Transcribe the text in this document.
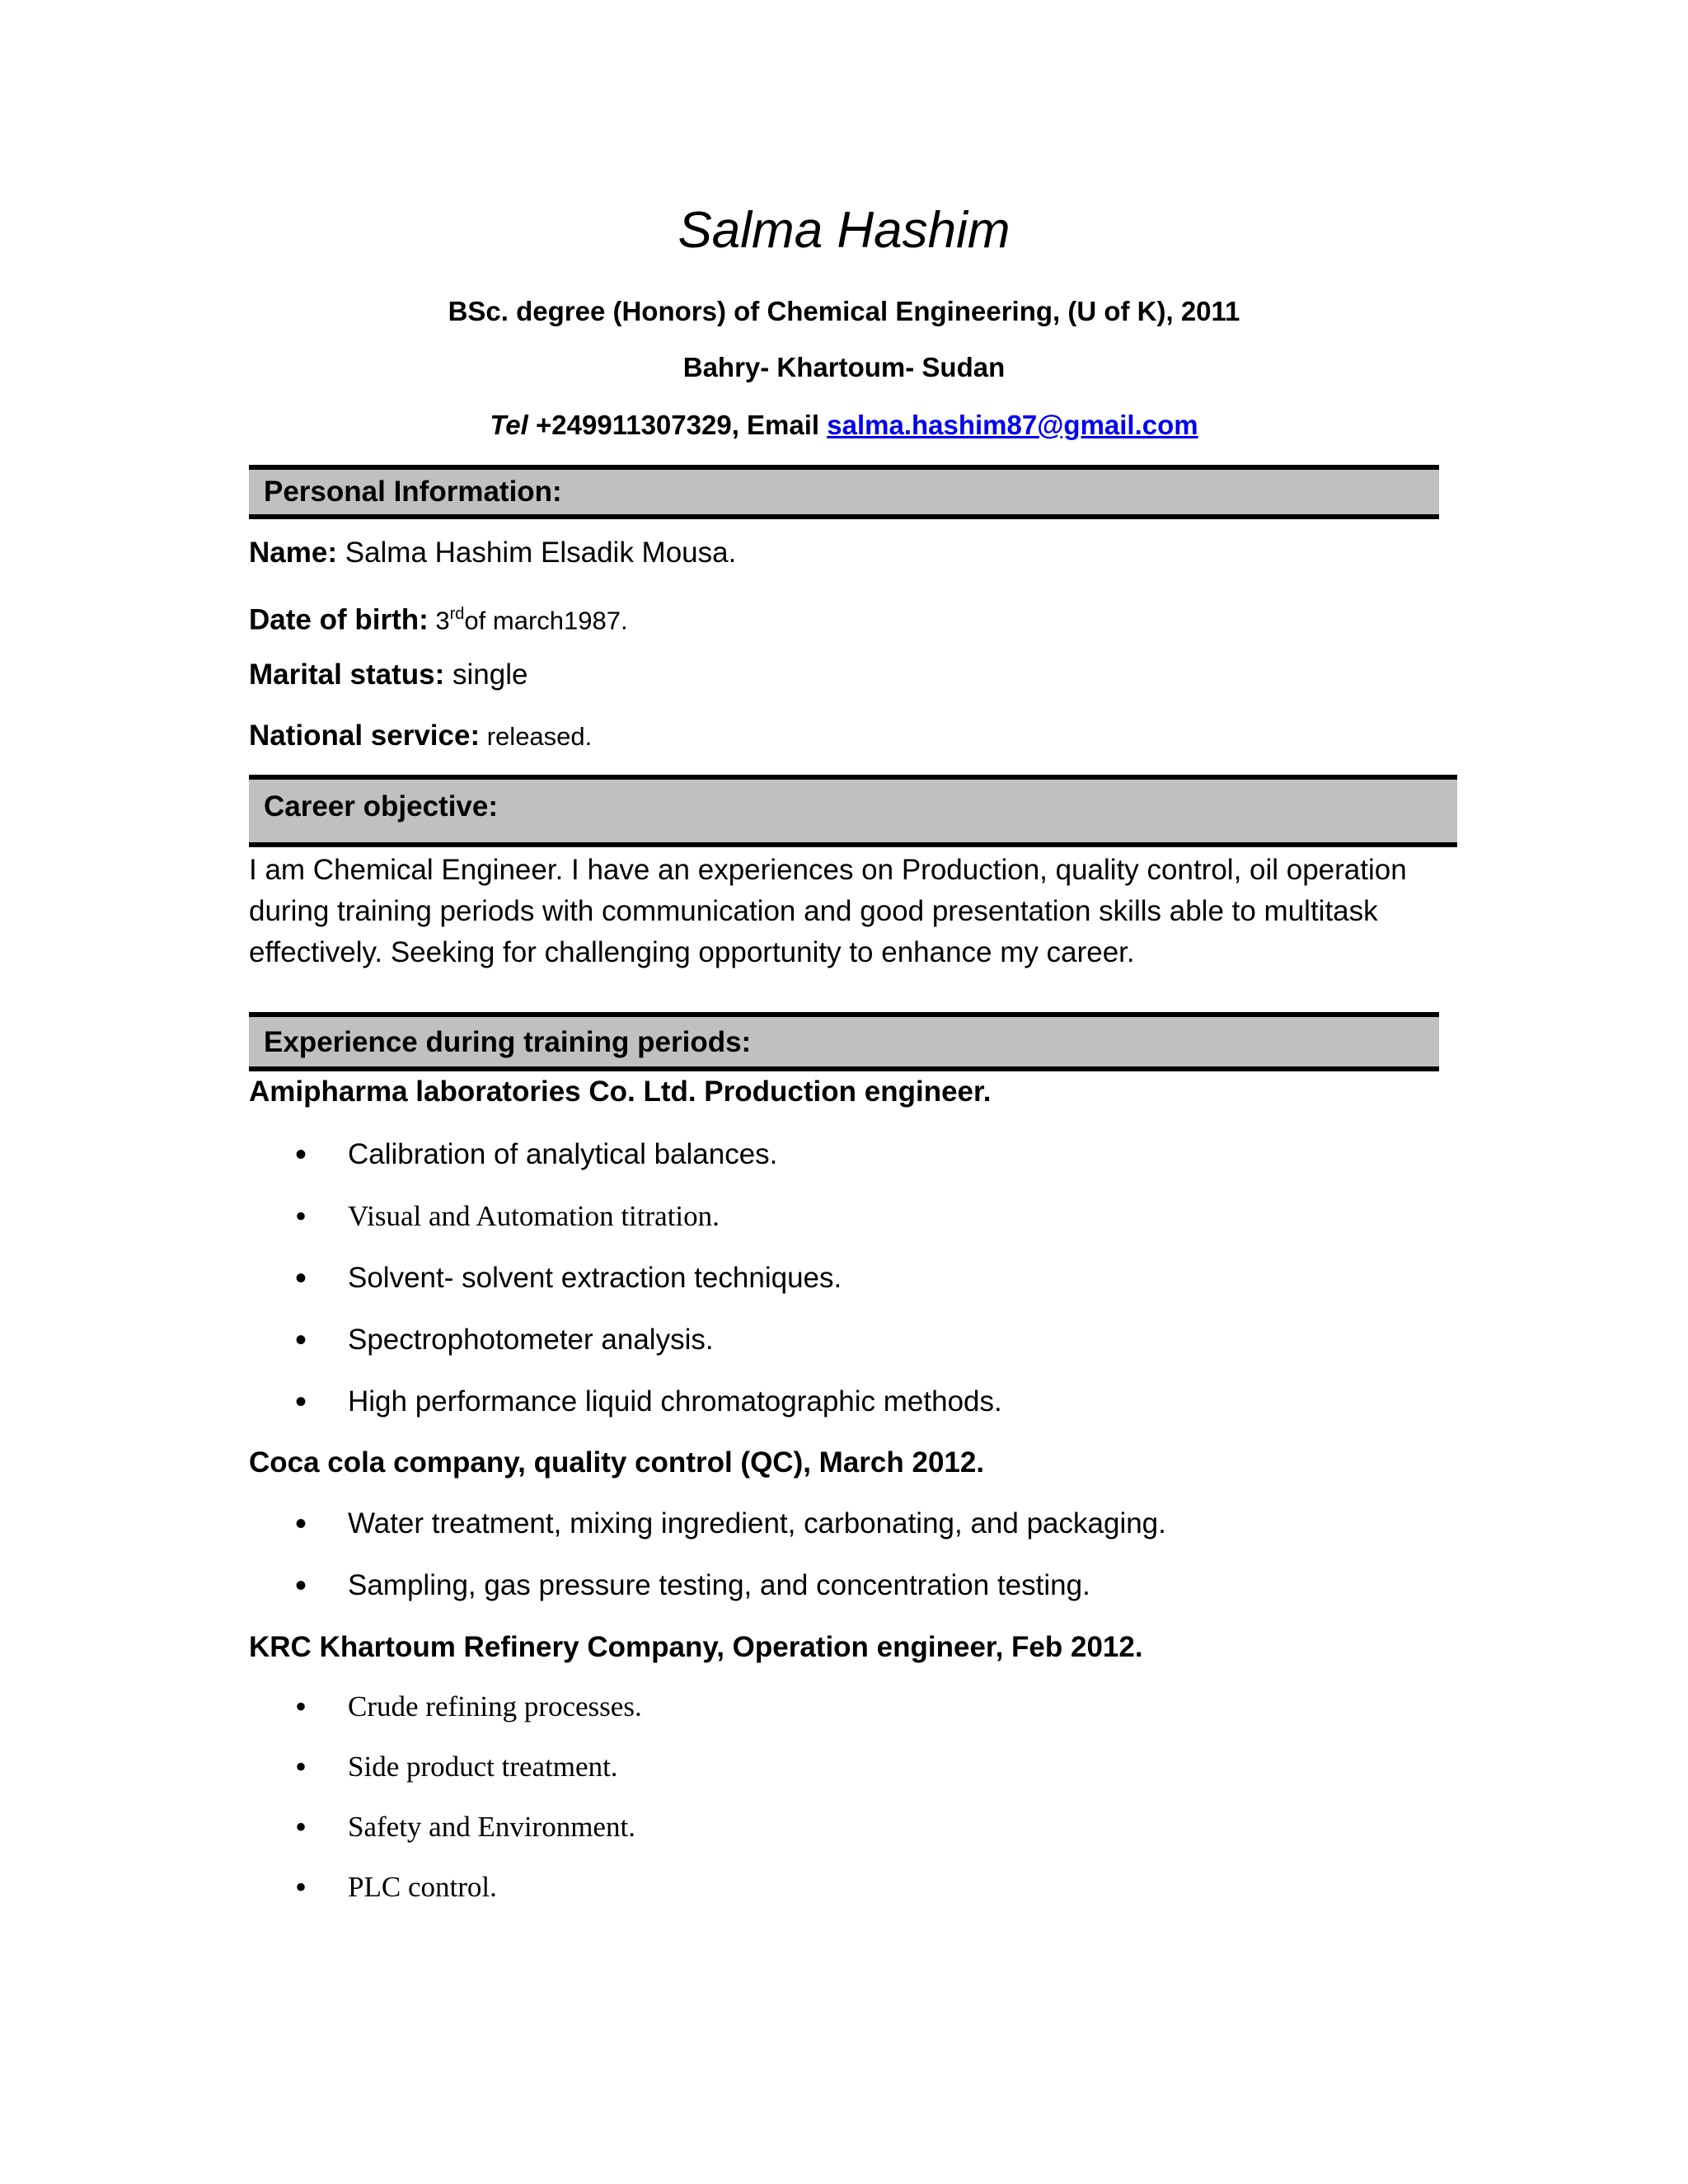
Salma Hashim
BSc. degree (Honors) of Chemical Engineering, (U of K), 2011
Bahry- Khartoum- Sudan
Tel +249911307329, Email salma.hashim87@gmail.com
Personal Information:
Name: Salma Hashim Elsadik Mousa.
Date of birth: 3rdof march1987.
Marital status: single
National service: released.
Career objective:
I am Chemical Engineer. I have an experiences on Production, quality control, oil operation during training periods with communication and good presentation skills able to multitask effectively. Seeking for challenging opportunity to enhance my career.
Experience during training periods:
Amipharma laboratories Co. Ltd. Production engineer.
• Calibration of analytical balances.
• Visual and Automation titration.
• Solvent- solvent extraction techniques.
• Spectrophotometer analysis.
• High performance liquid chromatographic methods.
Coca cola company, quality control (QC), March 2012.
• Water treatment, mixing ingredient, carbonating, and packaging.
• Sampling, gas pressure testing, and concentration testing.
KRC Khartoum Refinery Company, Operation engineer, Feb 2012.
• Crude refining processes.
• Side product treatment.
• Safety and Environment.
• PLC control.
